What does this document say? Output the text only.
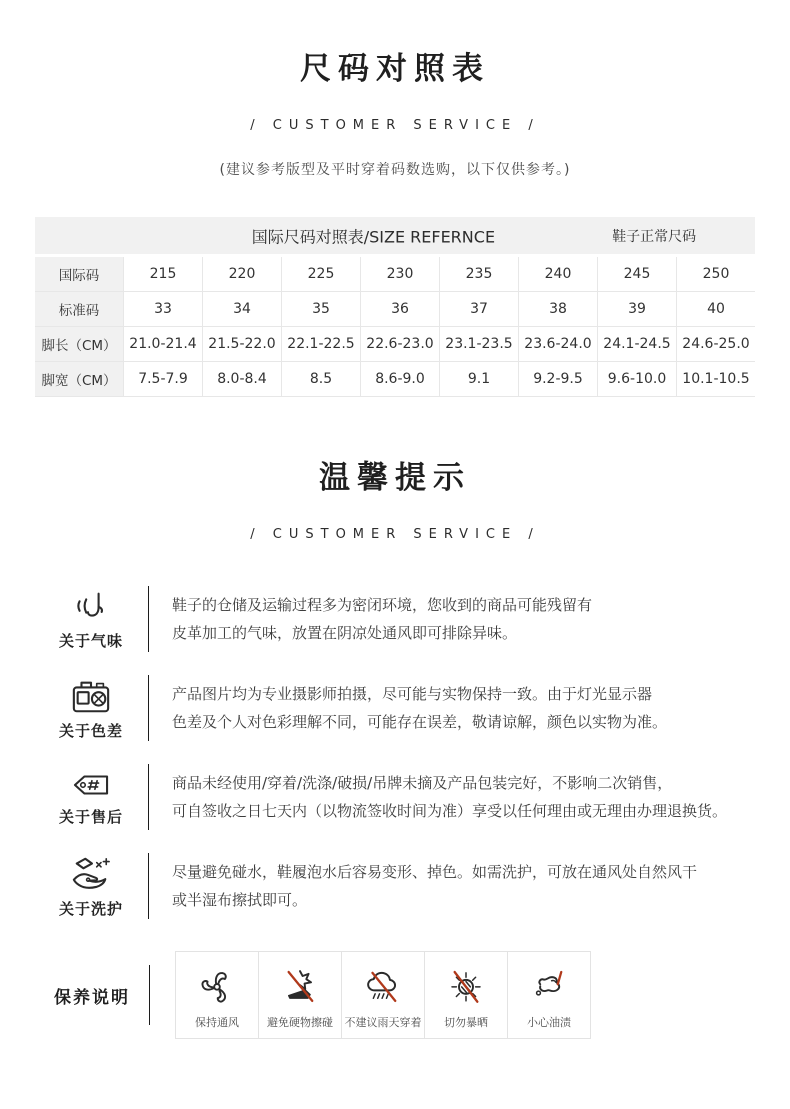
尺码对照表
/ CUSTOMER SERVICE /
(建议参考版型及平时穿着码数选购，以下仅供参考。)
国际尺码对照表/SIZE REFERNCE	鞋子正常尺码
国际码	215	220	225	230	235	240	245	250
标准码	33	34	35	36	37	38	39	40
脚长（CM） 21.0-21.4 21.5-22.0 22.1-22.5 22.6-23.0 23.1-23.5 23.6-24.0 24.1-24.5 24.6-25.0
脚宽（CM）	7.5-7.9	8.0-8.4	8.5	8.6-9.0	9.1	9.2-9.5	9.6-10.0	10.1-10.5
温馨提示
/ CUSTOMER SERVICE /
关于气味
鞋子的仓储及运输过程多为密闭环境，您收到的商品可能残留有
皮革加工的气味，放置在阴凉处通风即可排除异味。
关于色差
产品图片均为专业摄影师拍摄，尽可能与实物保持一致。由于灯光显示器
色差及个人对色彩理解不同，可能存在误差，敬请谅解，颜色以实物为准。
关于售后
商品未经使用/穿着/洗涤/破损/吊牌未摘及产品包装完好，不影响二次销售，
可自签收之日七天内（以物流签收时间为准）享受以任何理由或无理由办理退换货。
关于洗护
尽量避免碰水，鞋履泡水后容易变形、掉色。如需洗护，可放在通风处自然风干
或半湿布擦拭即可。
保养说明
保持通风	避免硬物擦碰 不建议雨天穿着 切勿暴晒	小心油渍
